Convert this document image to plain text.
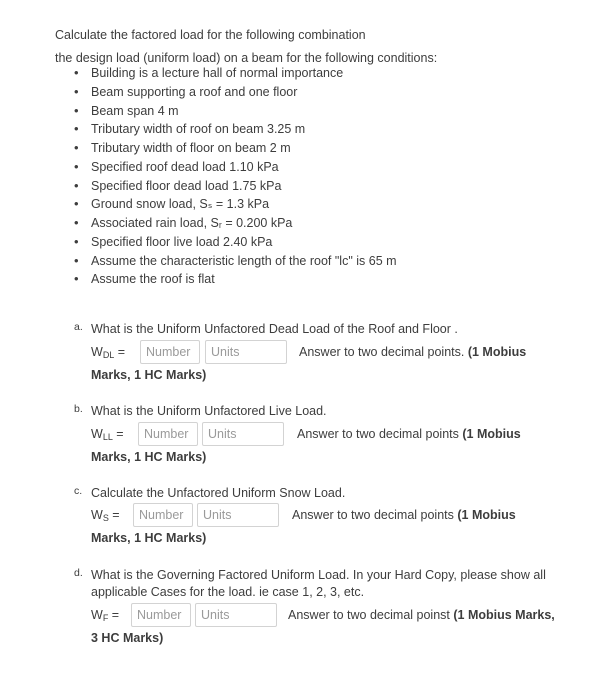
Calculate the factored load for the following combination
the design load (uniform load) on a beam for the following conditions:
• Building is a lecture hall of normal importance
• Beam supporting a roof and one floor
• Beam span 4 m
• Tributary width of roof on beam 3.25 m
• Tributary width of floor on beam 2 m
• Specified roof dead load 1.10 kPa
• Specified floor dead load 1.75 kPa
• Ground snow load, Sₛ = 1.3 kPa
• Associated rain load, Sᵣ = 0.200 kPa
• Specified floor live load 2.40 kPa
• Assume the characteristic length of the roof "lc" is 65 m
• Assume the roof is flat
a. What is the Uniform Unfactored Dead Load of the Roof and Floor .
$W_{DL}$ =
Number
Units	Answer to two decimal points. (1 Mobius
Marks, 1 HC Marks)
b. What is the Uniform Unfactored Live Load.
$W_{LL}$ =
Number
Units	Answer to two decimal points (1 Mobius
Marks, 1 HC Marks)
c. Calculate the Unfactored Uniform Snow Load.
$W_S$ =
Number
Units	Answer to two decimal points (1 Mobius
Marks, 1 HC Marks)
d. What is the Governing Factored Uniform Load. In your Hard Copy, please show all applicable Cases for the load. ie case 1, 2, 3, etc.
$W_F$ =
Number
Units	Answer to two decimal poinst (1 Mobius Marks,
3 HC Marks)
